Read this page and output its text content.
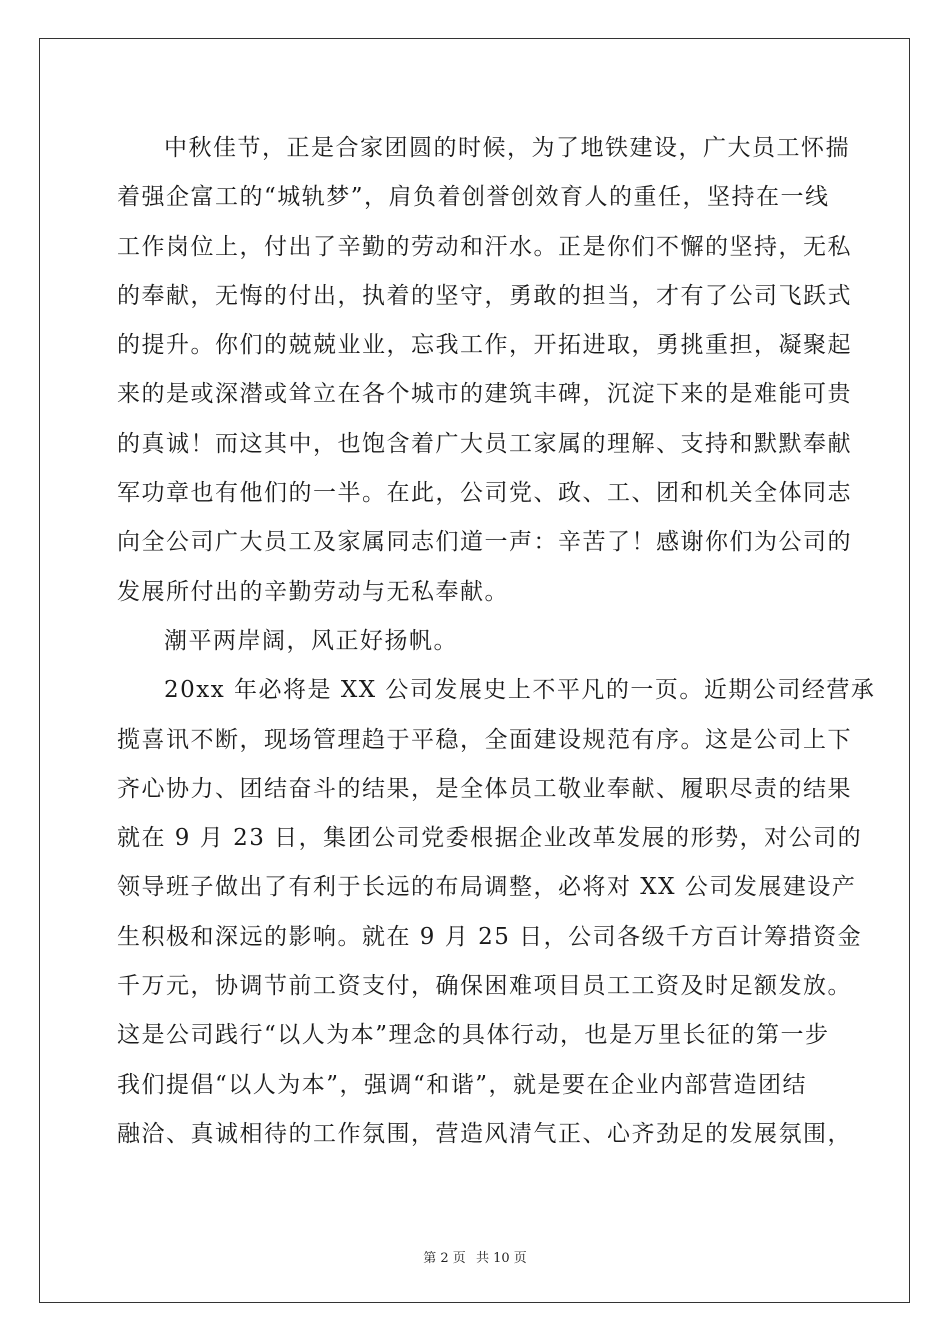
中秋佳节，正是合家团圆的时候，为了地铁建设，广大员工怀揣
着强企富工的“城轨梦”，肩负着创誉创效育人的重任，坚持在一线
工作岗位上，付出了辛勤的劳动和汗水。正是你们不懈的坚持，无私
的奉献，无悔的付出，执着的坚守，勇敢的担当，才有了公司飞跃式
的提升。你们的兢兢业业，忘我工作，开拓进取，勇挑重担，凝聚起
来的是或深潜或耸立在各个城市的建筑丰碑，沉淀下来的是难能可贵
的真诚！而这其中，也饱含着广大员工家属的理解、支持和默默奉献
军功章也有他们的一半。在此，公司党、政、工、团和机关全体同志
向全公司广大员工及家属同志们道一声：辛苦了！感谢你们为公司的
发展所付出的辛勤劳动与无私奉献。
潮平两岸阔，风正好扬帆。
20xx 年必将是 XX 公司发展史上不平凡的一页。近期公司经营承
揽喜讯不断，现场管理趋于平稳，全面建设规范有序。这是公司上下
齐心协力、团结奋斗的结果，是全体员工敬业奉献、履职尽责的结果
就在 9 月 23 日，集团公司党委根据企业改革发展的形势，对公司的
领导班子做出了有利于长远的布局调整，必将对 XX 公司发展建设产
生积极和深远的影响。就在 9 月 25 日，公司各级千方百计筹措资金
千万元，协调节前工资支付，确保困难项目员工工资及时足额发放。
这是公司践行“以人为本”理念的具体行动，也是万里长征的第一步
我们提倡“以人为本”，强调“和谐”，就是要在企业内部营造团结
融洽、真诚相待的工作氛围，营造风清气正、心齐劲足的发展氛围，
第 2 页 共 10 页
